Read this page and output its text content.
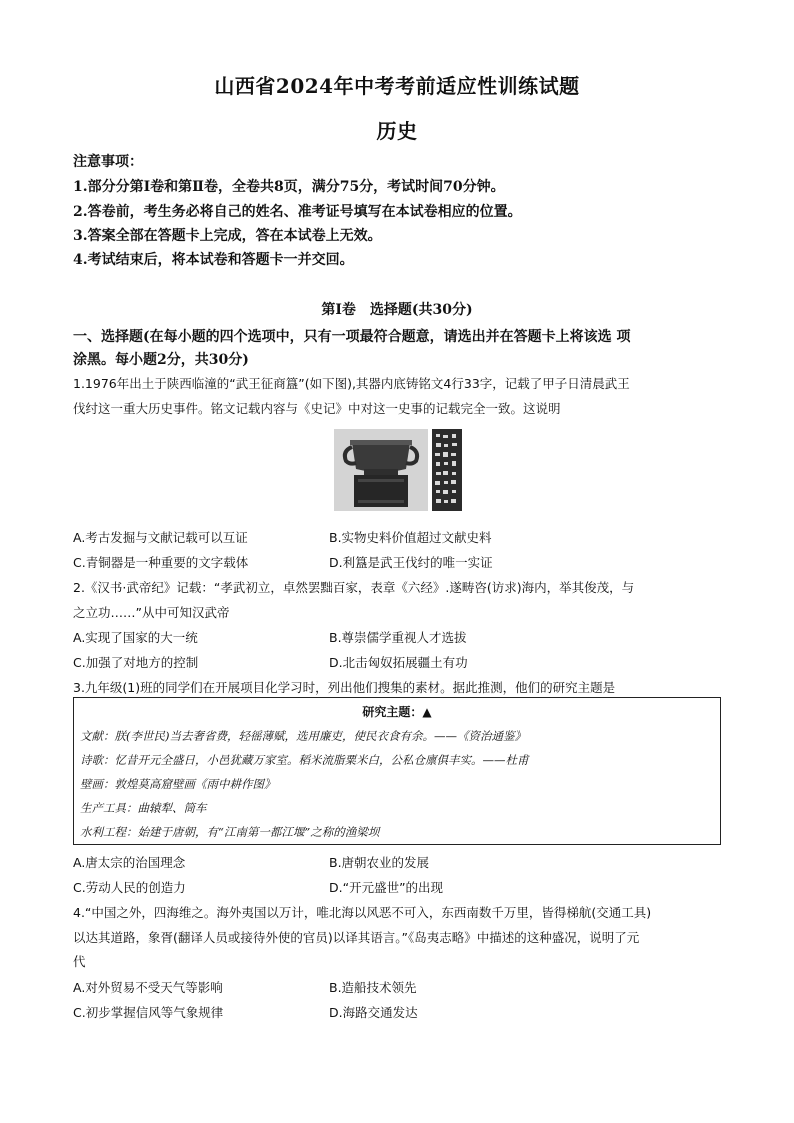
山西省2024年中考考前适应性训练试题
历史
注意事项：
1.部分分第Ⅰ卷和第Ⅱ卷，全卷共8页，满分75分，考试时间70分钟。
2.答卷前，考生务必将自己的姓名、准考证号填写在本试卷相应的位置。
3.答案全部在答题卡上完成，答在本试卷上无效。
4.考试结束后，将本试卷和答题卡一并交回。
第Ⅰ卷　选择题(共30分)
一、选择题(在每小题的四个选项中，只有一项最符合题意，请选出并在答题卡上将该选 项
涂黑。每小题2分，共30分)
1.1976年出土于陕西临潼的“武王征商簋”(如下图),其器内底铸铭文4行33字，记载了甲子日清晨武王
伐纣这一重大历史事件。铭文记载内容与《史记》中对这一史事的记载完全一致。这说明
A.考古发掘与文献记载可以互证	B.实物史料价值超过文献史料
C.青铜器是一种重要的文字载体	D.利簋是武王伐纣的唯一实证
2.《汉书·武帝纪》记载：“孝武初立，卓然罢黜百家，表章《六经》.遂畴咨(访求)海内，举其俊茂，与
之立功……”从中可知汉武帝
A.实现了国家的大一统	B.尊崇儒学重视人才选拔
C.加强了对地方的控制	D.北击匈奴拓展疆土有功
3.九年级(1)班的同学们在开展项目化学习时，列出他们搜集的素材。据此推测，他们的研究主题是
研究主题：▲
文献：朕(李世民)当去奢省费，轻徭薄赋，选用廉吏，使民衣食有余。——《资治通鉴》
诗歌：忆昔开元全盛日，小邑犹藏万家室。稻米流脂粟米白，公私仓廪俱丰实。——杜甫
壁画：敦煌莫高窟壁画《雨中耕作图》
生产工具：曲辕犁、筒车
水利工程：始建于唐朝，有“江南第一都江堰”之称的渔梁坝
A.唐太宗的治国理念	B.唐朝农业的发展
C.劳动人民的创造力	D.“开元盛世”的出现
4.“中国之外，四海维之。海外夷国以万计，唯北海以风恶不可入，东西南数千万里，皆得梯航(交通工具)
以达其道路，象胥(翻译人员或接待外使的官员)以译其语言。”《岛夷志略》中描述的这种盛况，说明了元
代
A.对外贸易不受天气等影响	B.造船技术领先
C.初步掌握信风等气象规律	D.海路交通发达
